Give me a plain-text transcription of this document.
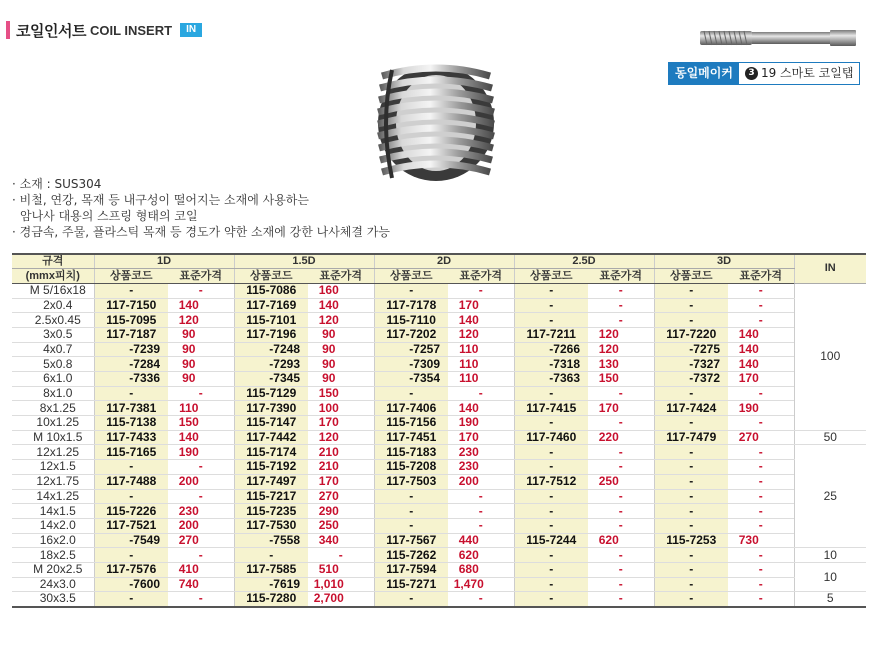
코일인서트 COIL INSERT	IN
동일메이커	3 19 스마토 코일탭
· 소재 : SUS304
· 비철, 연강, 목재 등 내구성이 떨어지는 소재에 사용하는
암나사 대용의 스프링 형태의 코일
· 경금속, 주물, 플라스틱 목재 등 경도가 약한 소재에 강한 나사체결 가능
규격	1D		1.5D		2D		2.5D		3D		IN
(mmx피치)	상품코드	표준가격	상품코드	표준가격	상품코드	표준가격	상품코드	표준가격	상품코드	표준가격	
M 5/16x18	-	-	115-7086	160	-	-	-	-	-	-	100
2x0.4	117-7150	140	117-7169	140	117-7178	170	-	-	-	-	
2.5x0.45	115-7095	120	115-7101	120	115-7110	140	-	-	-	-	
3x0.5	117-7187	90	117-7196	90	117-7202	120	117-7211	120	117-7220	140	
4x0.7	-7239	90	-7248	90	-7257	110	-7266	120	-7275	140	
5x0.8	-7284	90	-7293	90	-7309	110	-7318	130	-7327	140	
6x1.0	-7336	90	-7345	90	-7354	110	-7363	150	-7372	170	
8x1.0	-	-	115-7129	150	-	-	-	-	-	-	
8x1.25	117-7381	110	117-7390	100	117-7406	140	117-7415	170	117-7424	190	
10x1.25	115-7138	150	115-7147	170	115-7156	190	-	-	-	-	
M 10x1.5	117-7433	140	117-7442	120	117-7451	170	117-7460	220	117-7479	270	50
12x1.25	115-7165	190	115-7174	210	115-7183	230	-	-	-	-	25
12x1.5	-	-	115-7192	210	115-7208	230	-	-	-	-	
12x1.75	117-7488	200	117-7497	170	117-7503	200	117-7512	250	-	-	
14x1.25	-	-	115-7217	270	-	-	-	-	-	-	
14x1.5	115-7226	230	115-7235	290	-	-	-	-	-	-	
14x2.0	117-7521	200	117-7530	250	-	-	-	-	-	-	
16x2.0	-7549	270	-7558	340	117-7567	440	115-7244	620	115-7253	730	
18x2.5	-	-	-	-	115-7262	620	-	-	-	-	10
M 20x2.5	117-7576	410	117-7585	510	117-7594	680	-	-	-	-	10
24x3.0	-7600	740	-7619	1,010	115-7271	1,470	-	-	-	-	
30x3.5	-	-	115-7280	2,700	-	-	-	-	-	-	5
